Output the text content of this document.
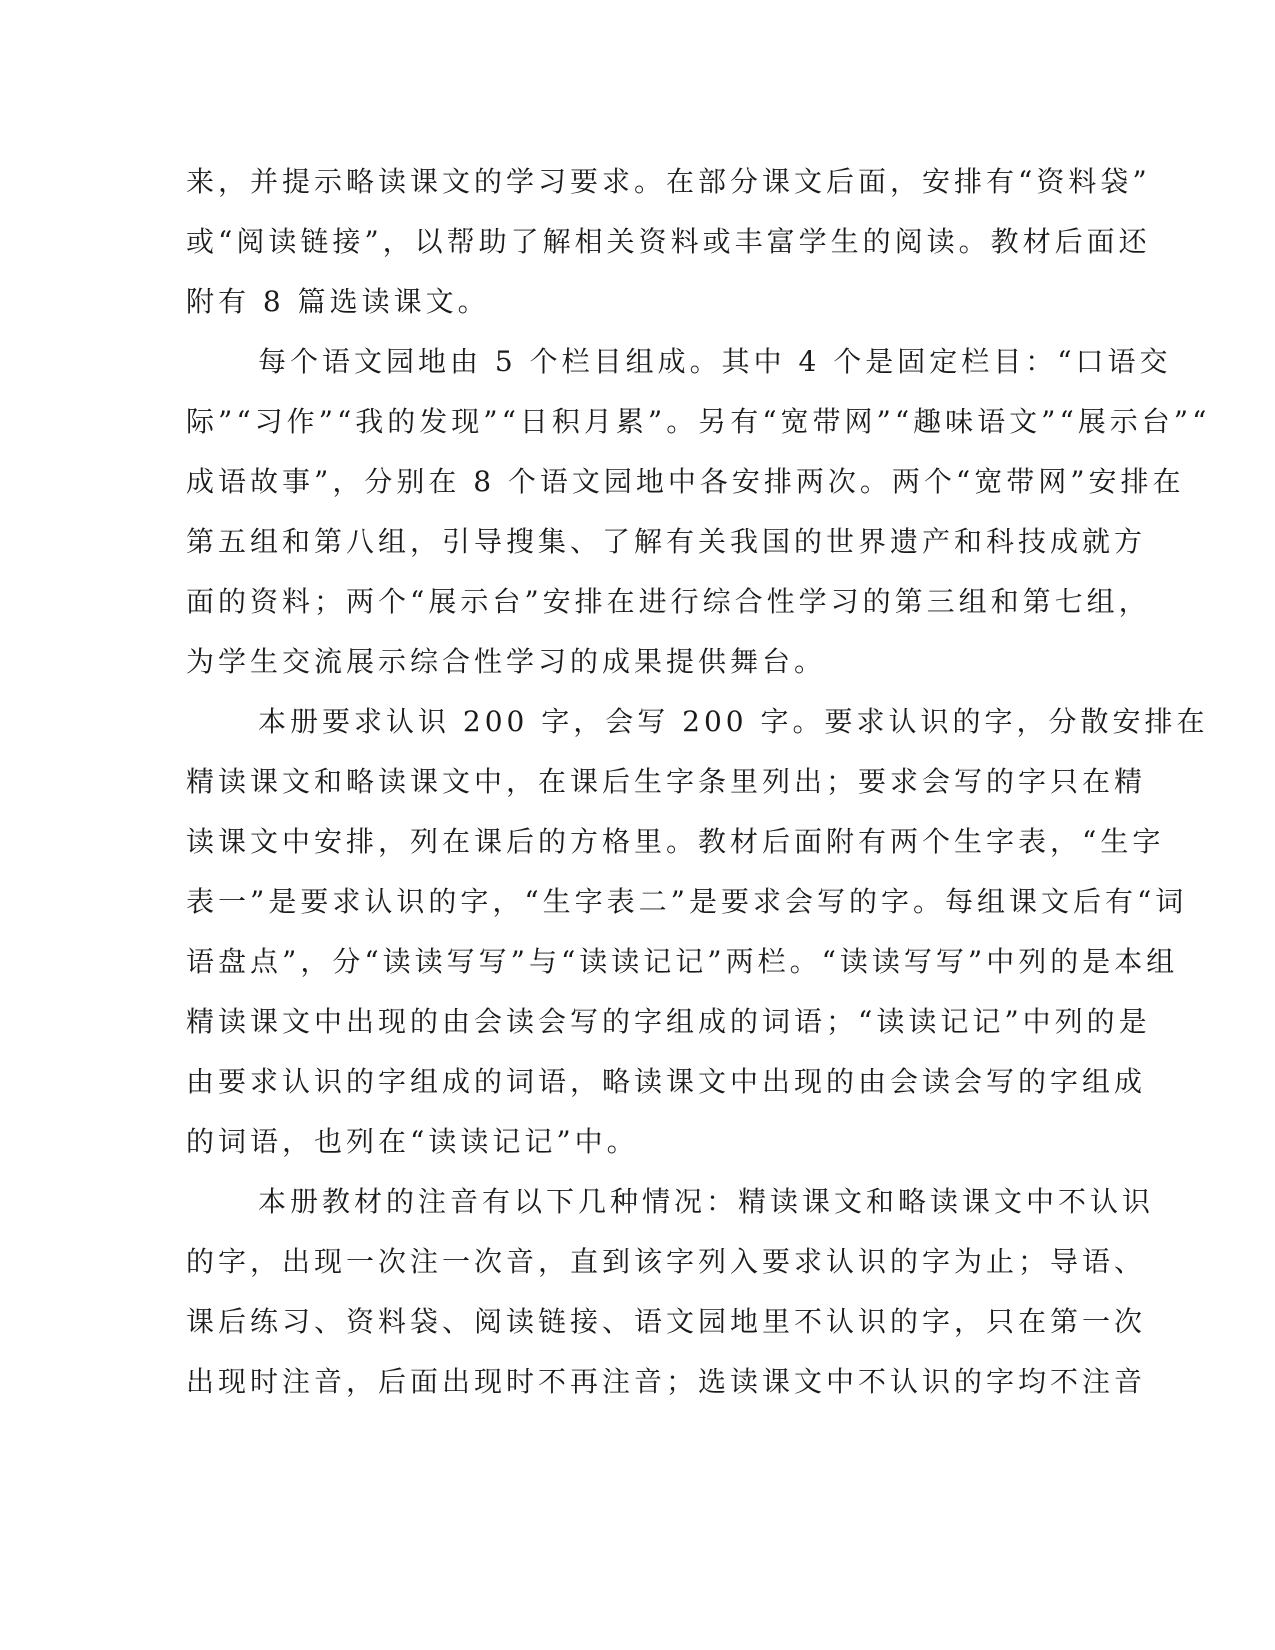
来，并提示略读课文的学习要求。在部分课文后面，安排有“资料袋”
或“阅读链接”，以帮助了解相关资料或丰富学生的阅读。教材后面还
附有 8 篇选读课文。
每个语文园地由 5 个栏目组成。其中 4 个是固定栏目：“口语交
际”“习作”“我的发现”“日积月累”。另有“宽带网”“趣味语文”“展示台”“
成语故事”，分别在 8 个语文园地中各安排两次。两个“宽带网”安排在
第五组和第八组，引导搜集、了解有关我国的世界遗产和科技成就方
面的资料；两个“展示台”安排在进行综合性学习的第三组和第七组，
为学生交流展示综合性学习的成果提供舞台。
本册要求认识 200 字，会写 200 字。要求认识的字，分散安排在
精读课文和略读课文中，在课后生字条里列出；要求会写的字只在精
读课文中安排，列在课后的方格里。教材后面附有两个生字表，“生字
表一”是要求认识的字，“生字表二”是要求会写的字。每组课文后有“词
语盘点”，分“读读写写”与“读读记记”两栏。“读读写写”中列的是本组
精读课文中出现的由会读会写的字组成的词语；“读读记记”中列的是
由要求认识的字组成的词语，略读课文中出现的由会读会写的字组成
的词语，也列在“读读记记”中。
本册教材的注音有以下几种情况：精读课文和略读课文中不认识
的字，出现一次注一次音，直到该字列入要求认识的字为止；导语、
课后练习、资料袋、阅读链接、语文园地里不认识的字，只在第一次
出现时注音，后面出现时不再注音；选读课文中不认识的字均不注音
